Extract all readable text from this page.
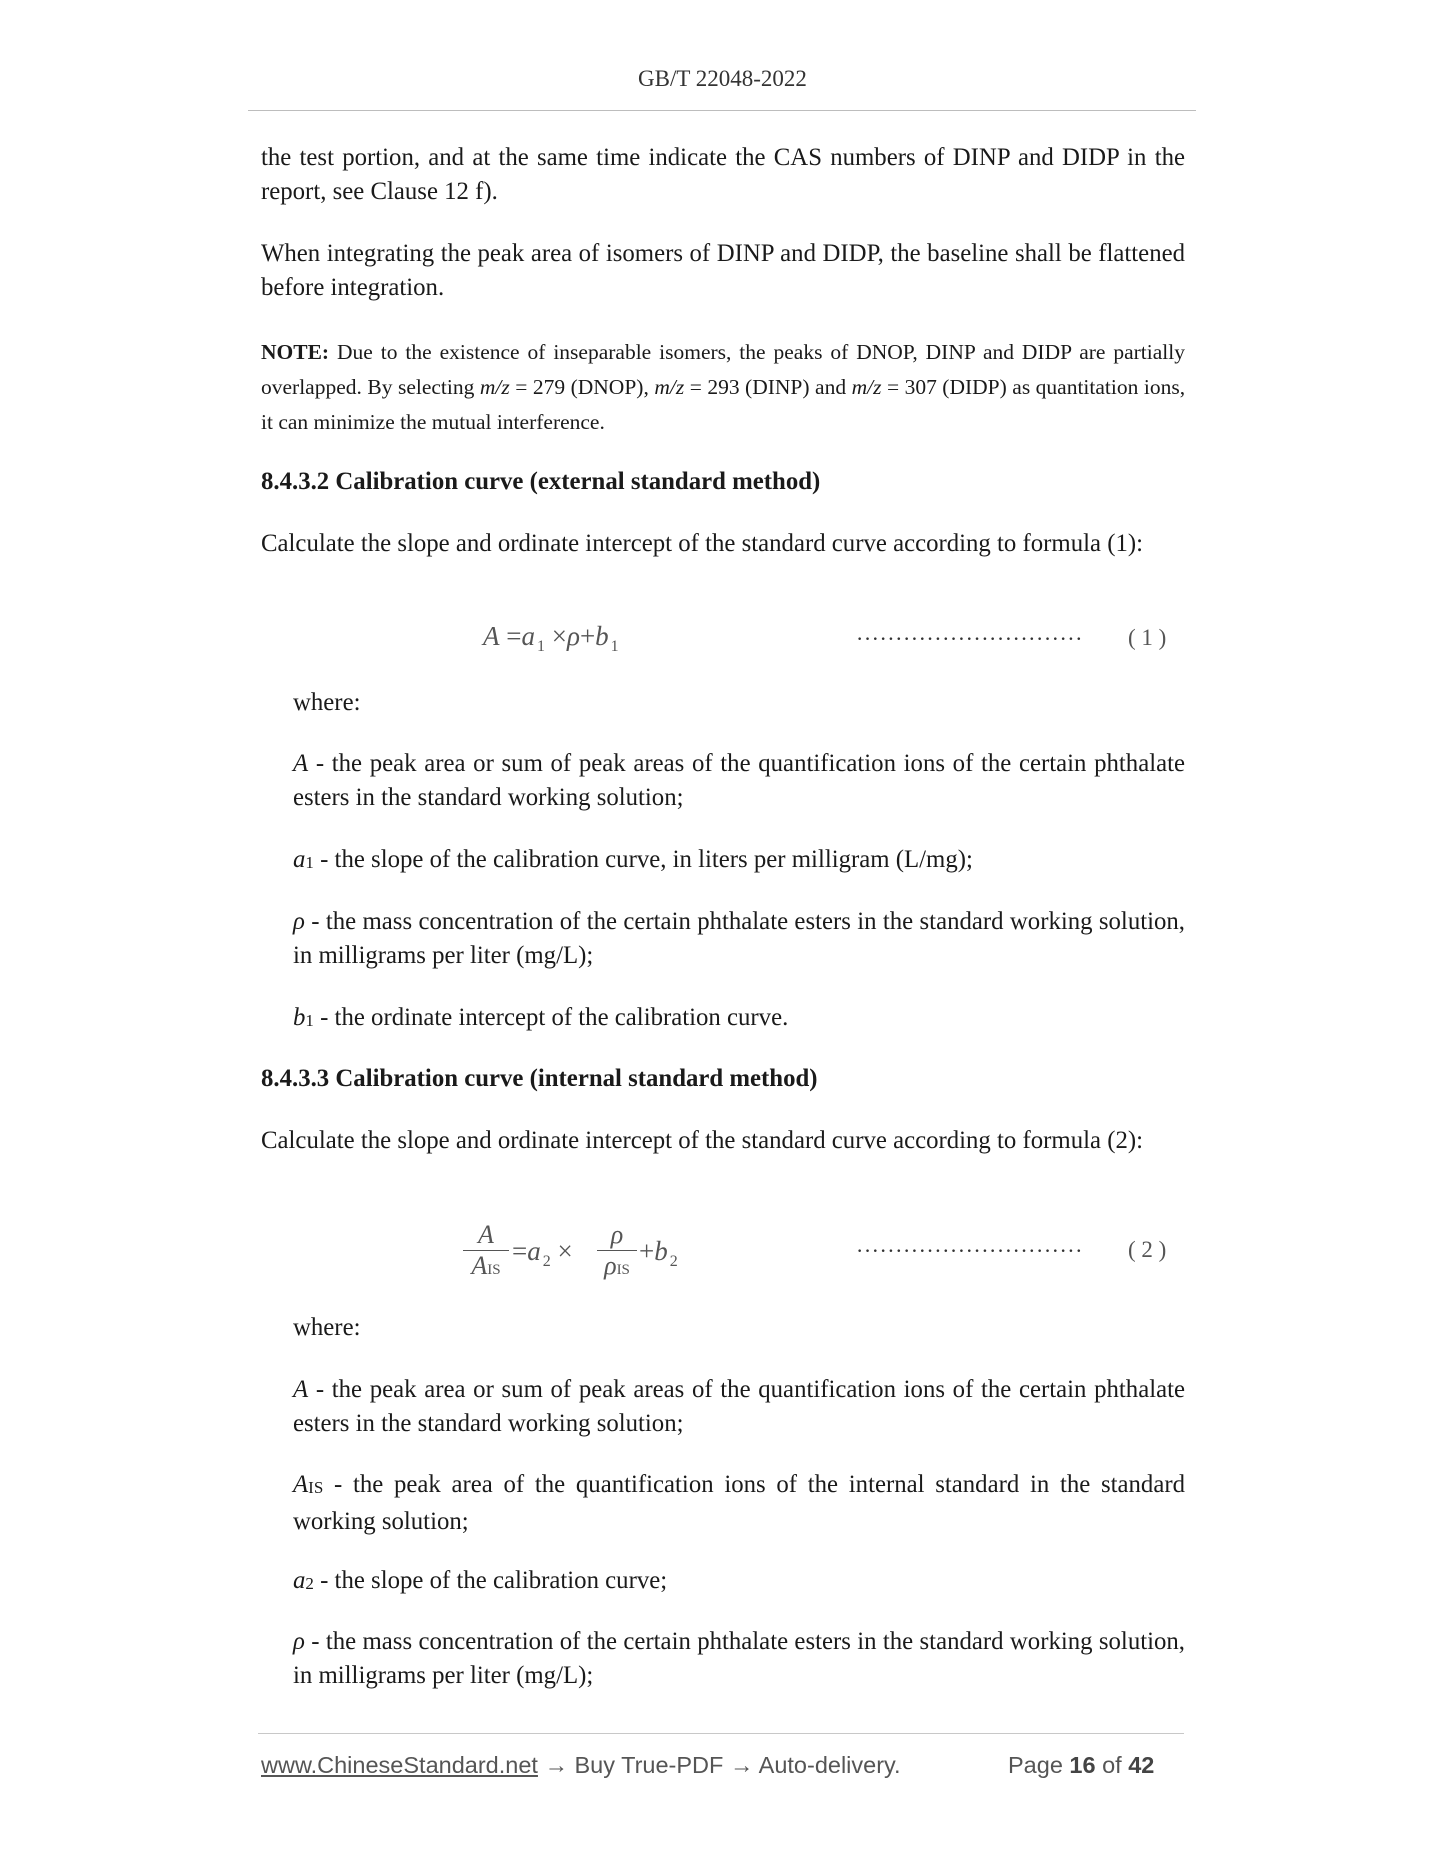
GB/T 22048-2022

the test portion, and at the same time indicate the CAS numbers of DINP and DIDP in the report, see Clause 12 f).

When integrating the peak area of isomers of DINP and DIDP, the baseline shall be flattened before integration.

NOTE: Due to the existence of inseparable isomers, the peaks of DNOP, DINP and DIDP are partially overlapped. By selecting m/z = 279 (DNOP), m/z = 293 (DINP) and m/z = 307 (DIDP) as quantitation ions, it can minimize the mutual interference.

8.4.3.2 Calibration curve (external standard method)

Calculate the slope and ordinate intercept of the standard curve according to formula (1):

A =a $_1$ ×ρ+b $_1$	·····························	( 1 )

where:

A - the peak area or sum of peak areas of the quantification ions of the certain phthalate esters in the standard working solution;

a1 - the slope of the calibration curve, in liters per milligram (L/mg);

ρ - the mass concentration of the certain phthalate esters in the standard working solution, in milligrams per liter (mg/L);

b1 - the ordinate intercept of the calibration curve.

8.4.3.3 Calibration curve (internal standard method)

Calculate the slope and ordinate intercept of the standard curve according to formula (2):

A
AIS
=a $_2$ ×
ρ
ρIS
+b $_2$	·····························	( 2 )

where:

A - the peak area or sum of peak areas of the quantification ions of the certain phthalate esters in the standard working solution;

AIS - the peak area of the quantification ions of the internal standard in the standard working solution;

a2 - the slope of the calibration curve;

ρ - the mass concentration of the certain phthalate esters in the standard working solution, in milligrams per liter (mg/L);

www.ChineseStandard.net → Buy True-PDF → Auto-delivery.	Page 16 of 42
